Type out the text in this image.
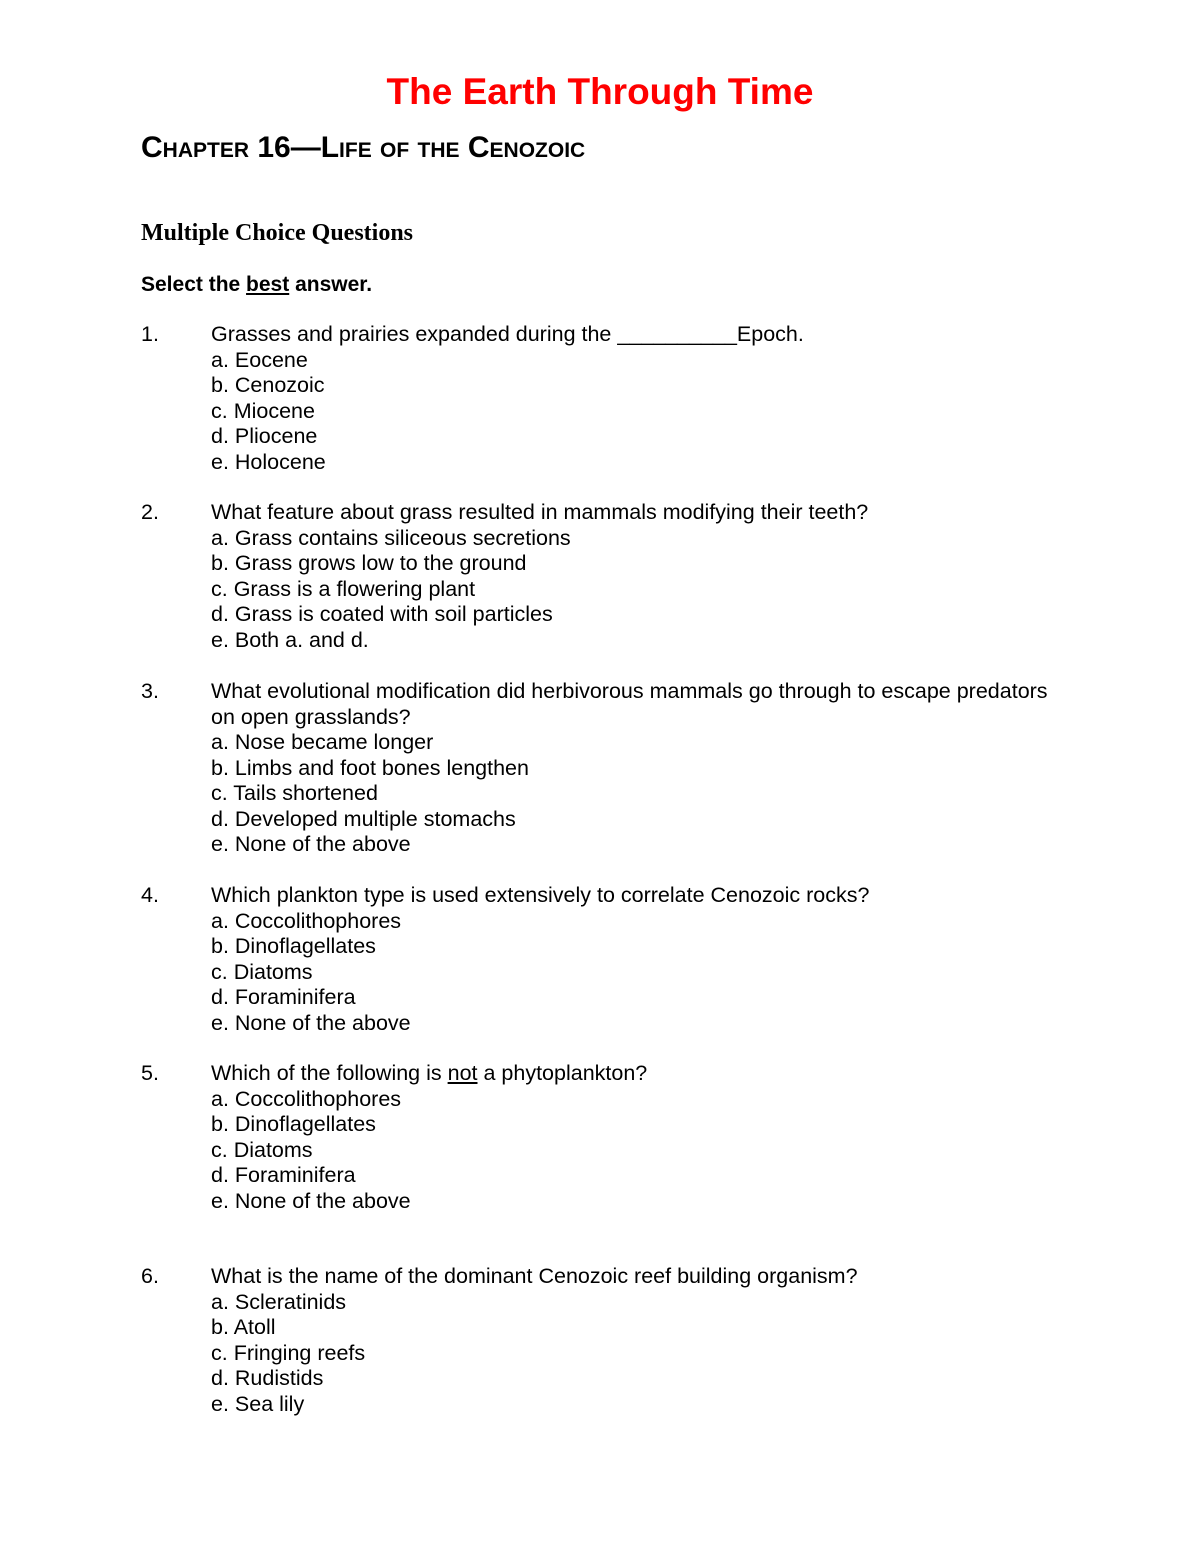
The Earth Through Time
Chapter 16—Life of the Cenozoic
Multiple Choice Questions
Select the best answer.
1. Grasses and prairies expanded during the __________Epoch.
a. Eocene
b. Cenozoic
c. Miocene
d. Pliocene
e. Holocene
2. What feature about grass resulted in mammals modifying their teeth?
a. Grass contains siliceous secretions
b. Grass grows low to the ground
c. Grass is a flowering plant
d. Grass is coated with soil particles
e. Both a. and d.
3. What evolutional modification did herbivorous mammals go through to escape predators on open grasslands?
a. Nose became longer
b. Limbs and foot bones lengthen
c. Tails shortened
d. Developed multiple stomachs
e. None of the above
4. Which plankton type is used extensively to correlate Cenozoic rocks?
a. Coccolithophores
b. Dinoflagellates
c. Diatoms
d. Foraminifera
e. None of the above
5. Which of the following is not a phytoplankton?
a. Coccolithophores
b. Dinoflagellates
c. Diatoms
d. Foraminifera
e. None of the above
6. What is the name of the dominant Cenozoic reef building organism?
a. Scleratinids
b. Atoll
c. Fringing reefs
d. Rudistids
e. Sea lily
